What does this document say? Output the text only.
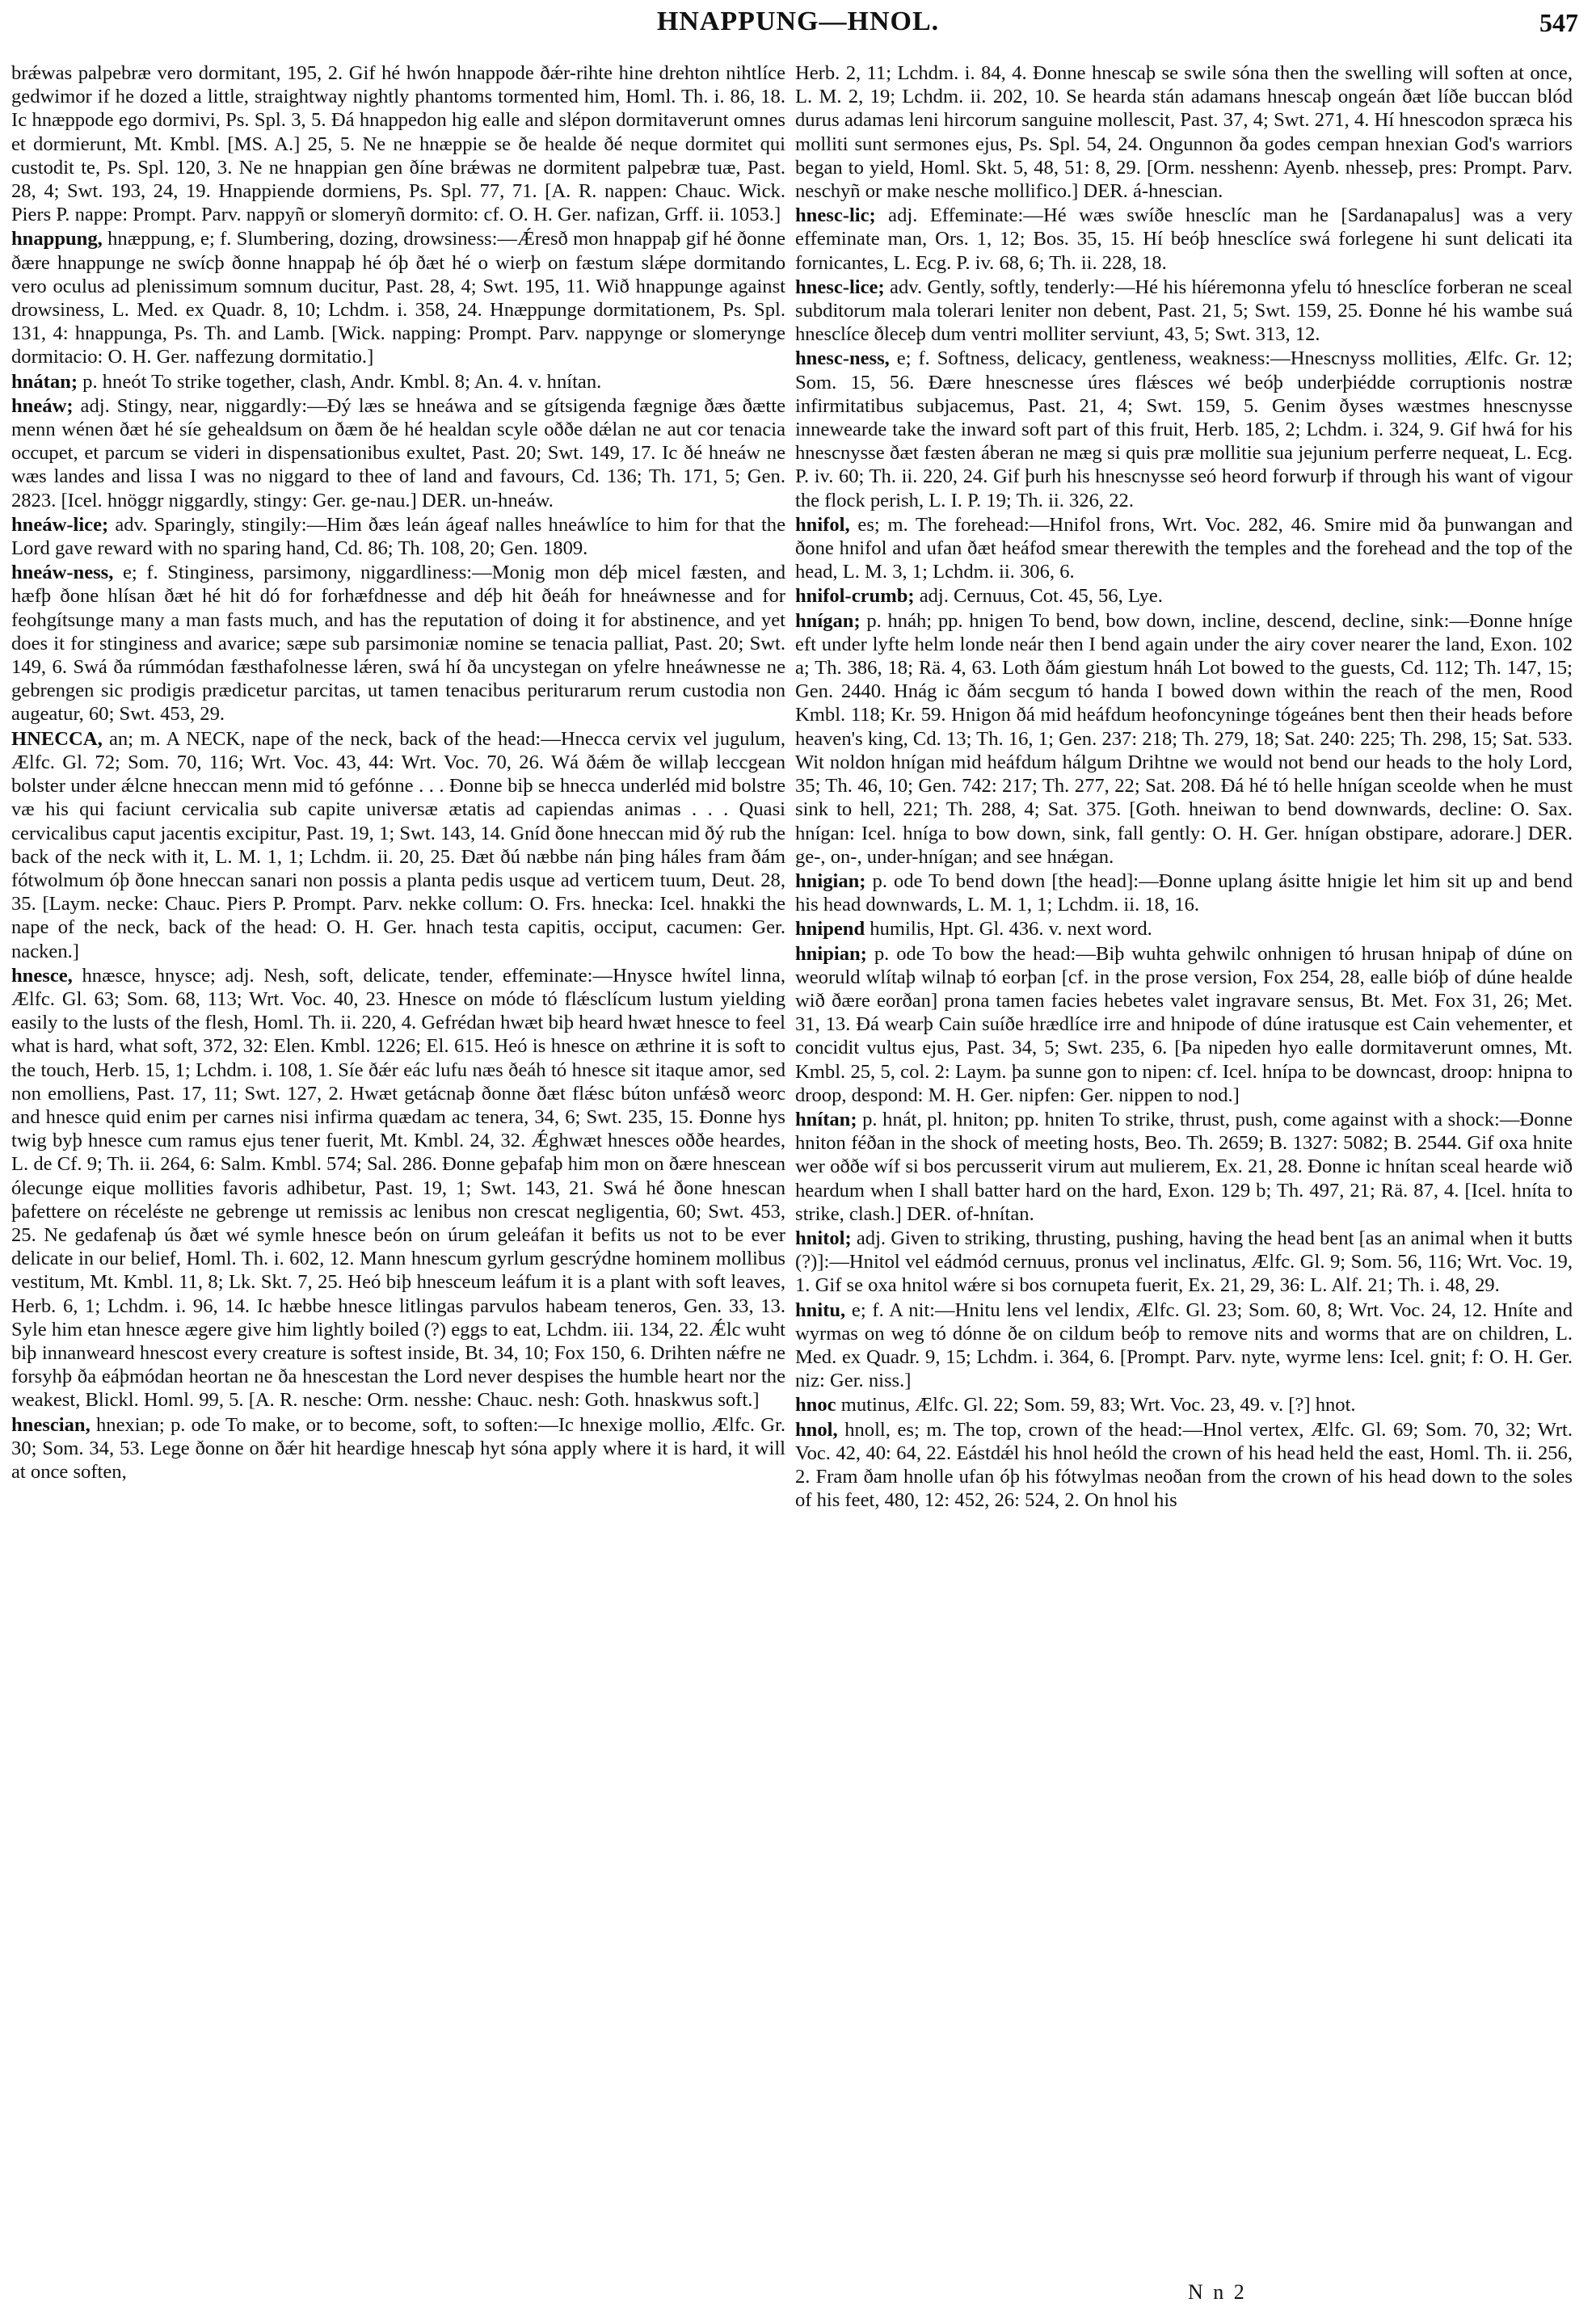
HNAPPUNG—HNOL.	547

brǽwas palpebræ vero dormitant, 195, 2. Gif hé hwón hnappode ðǽr-rihte hine drehton nihtlíce gedwimor if he dozed a little, straightway nightly phantoms tormented him, Homl. Th. i. 86, 18. Ic hnæppode ego dormivi, Ps. Spl. 3, 5. Ðá hnappedon hig ealle and slépon dormitaverunt omnes et dormierunt, Mt. Kmbl. [MS. A.] 25, 5. Ne ne hnæppie se ðe healde ðé neque dormitet qui custodit te, Ps. Spl. 120, 3. Ne ne hnappian gen ðíne brǽwas ne dormitent palpebræ tuæ, Past. 28, 4; Swt. 193, 24, 19. Hnappiende dormiens, Ps. Spl. 77, 71. [A. R. nappen: Chauc. Wick. Piers P. nappe: Prompt. Parv. nappyñ or slomeryñ dormito: cf. O. H. Ger. nafizan, Grff. ii. 1053.]

hnappung, hnæppung, e; f. Slumbering, dozing, drowsiness:—Ǽresð mon hnappaþ gif hé ðonne ðære hnappunge ne swícþ ðonne hnappaþ hé óþ ðæt hé o wierþ on fæstum slǽpe dormitando vero oculus ad plenissimum somnum ducitur, Past. 28, 4; Swt. 195, 11. Wið hnappunge against drowsiness, L. Med. ex Quadr. 8, 10; Lchdm. i. 358, 24. Hnæppunge dormitationem, Ps. Spl. 131, 4: hnappunga, Ps. Th. and Lamb. [Wick. napping: Prompt. Parv. nappynge or slomerynge dormitacio: O. H. Ger. naffezung dormitatio.]

hnátan; p. hneót To strike together, clash, Andr. Kmbl. 8; An. 4. v. hnítan.

hneáw; adj. Stingy, near, niggardly:—Ðý læs se hneáwa and se gítsigenda fægnige ðæs ðætte menn wénen ðæt hé síe gehealdsum on ðæm ðe hé healdan scyle oððe dǽlan ne aut cor tenacia occupet, et parcum se videri in dispensationibus exultet, Past. 20; Swt. 149, 17. Ic ðé hneáw ne wæs landes and lissa I was no niggard to thee of land and favours, Cd. 136; Th. 171, 5; Gen. 2823. [Icel. hnöggr niggardly, stingy: Ger. ge-nau.] DER. un-hneáw.

hneáw-lice; adv. Sparingly, stingily:—Him ðæs leán ágeaf nalles hneáwlíce to him for that the Lord gave reward with no sparing hand, Cd. 86; Th. 108, 20; Gen. 1809.

hneáw-ness, e; f. Stinginess, parsimony, niggardliness:—Monig mon déþ micel fæsten, and hæfþ ðone hlísan ðæt hé hit dó for forhæfdnesse and déþ hit ðeáh for hneáwnesse and for feohgítsunge many a man fasts much, and has the reputation of doing it for abstinence, and yet does it for stinginess and avarice; sæpe sub parsimoniæ nomine se tenacia palliat, Past. 20; Swt. 149, 6. Swá ða rúmmódan fæsthafolnesse lǽren, swá hí ða uncystegan on yfelre hneáwnesse ne gebrengen sic prodigis prædicetur parcitas, ut tamen tenacibus periturarum rerum custodia non augeatur, 60; Swt. 453, 29.

HNECCA, an; m. A NECK, nape of the neck, back of the head:—Hnecca cervix vel jugulum, Ælfc. Gl. 72; Som. 70, 116; Wrt. Voc. 43, 44: Wrt. Voc. 70, 26. Wá ðǽm ðe willaþ leccgean bolster under ǽlcne hneccan menn mid tó gefónne . . . Ðonne biþ se hnecca underléd mid bolstre væ his qui faciunt cervicalia sub capite universæ ætatis ad capiendas animas . . . Quasi cervicalibus caput jacentis excipitur, Past. 19, 1; Swt. 143, 14. Gníd ðone hneccan mid ðý rub the back of the neck with it, L. M. 1, 1; Lchdm. ii. 20, 25. Ðæt ðú næbbe nán þing háles fram ðám fótwolmum óþ ðone hneccan sanari non possis a planta pedis usque ad verticem tuum, Deut. 28, 35. [Laym. necke: Chauc. Piers P. Prompt. Parv. nekke collum: O. Frs. hnecka: Icel. hnakki the nape of the neck, back of the head: O. H. Ger. hnach testa capitis, occiput, cacumen: Ger. nacken.]

hnesce, hnæsce, hnysce; adj. Nesh, soft, delicate, tender, effeminate:—Hnysce hwítel linna, Ælfc. Gl. 63; Som. 68, 113; Wrt. Voc. 40, 23. Hnesce on móde tó flǽsclícum lustum yielding easily to the lusts of the flesh, Homl. Th. ii. 220, 4. Gefrédan hwæt biþ heard hwæt hnesce to feel what is hard, what soft, 372, 32: Elen. Kmbl. 1226; El. 615. Heó is hnesce on æthrine it is soft to the touch, Herb. 15, 1; Lchdm. i. 108, 1. Síe ðǽr eác lufu næs ðeáh tó hnesce sit itaque amor, sed non emolliens, Past. 17, 11; Swt. 127, 2. Hwæt getácnaþ ðonne ðæt flǽsc búton unfǽsð weorc and hnesce quid enim per carnes nisi infirma quædam ac tenera, 34, 6; Swt. 235, 15. Ðonne hys twig byþ hnesce cum ramus ejus tener fuerit, Mt. Kmbl. 24, 32. Ǽghwæt hnesces oððe heardes, L. de Cf. 9; Th. ii. 264, 6: Salm. Kmbl. 574; Sal. 286. Ðonne geþafaþ him mon on ðære hnescean ólecunge eique mollities favoris adhibetur, Past. 19, 1; Swt. 143, 21. Swá hé ðone hnescan þafettere on réceléste ne gebrenge ut remissis ac lenibus non crescat negligentia, 60; Swt. 453, 25. Ne gedafenaþ ús ðæt wé symle hnesce beón on úrum geleáfan it befits us not to be ever delicate in our belief, Homl. Th. i. 602, 12. Mann hnescum gyrlum gescrýdne hominem mollibus vestitum, Mt. Kmbl. 11, 8; Lk. Skt. 7, 25. Heó biþ hnesceum leáfum it is a plant with soft leaves, Herb. 6, 1; Lchdm. i. 96, 14. Ic hæbbe hnesce litlingas parvulos habeam teneros, Gen. 33, 13. Syle him etan hnesce ægere give him lightly boiled (?) eggs to eat, Lchdm. iii. 134, 22. Ǽlc wuht biþ innanweard hnescost every creature is softest inside, Bt. 34, 10; Fox 150, 6. Drihten nǽfre ne forsyhþ ða eáþmódan heortan ne ða hnescestan the Lord never despises the humble heart nor the weakest, Blickl. Homl. 99, 5. [A. R. nesche: Orm. nesshe: Chauc. nesh: Goth. hnaskwus soft.]

hnescian, hnexian; p. ode To make, or to become, soft, to soften:—Ic hnexige mollio, Ælfc. Gr. 30; Som. 34, 53. Lege ðonne on ðǽr hit heardige hnescaþ hyt sóna apply where it is hard, it will at once soften,

Herb. 2, 11; Lchdm. i. 84, 4. Ðonne hnescaþ se swile sóna then the swelling will soften at once, L. M. 2, 19; Lchdm. ii. 202, 10. Se hearda stán adamans hnescaþ ongeán ðæt líðe buccan blód durus adamas leni hircorum sanguine mollescit, Past. 37, 4; Swt. 271, 4. Hí hnescodon spræca his molliti sunt sermones ejus, Ps. Spl. 54, 24. Ongunnon ða godes cempan hnexian God's warriors began to yield, Homl. Skt. 5, 48, 51: 8, 29. [Orm. nesshenn: Ayenb. nhesseþ, pres: Prompt. Parv. neschyñ or make nesche mollifico.] DER. á-hnescian.

hnesc-lic; adj. Effeminate:—Hé wæs swíðe hnesclíc man he [Sardanapalus] was a very effeminate man, Ors. 1, 12; Bos. 35, 15. Hí beóþ hnesclíce swá forlegene hi sunt delicati ita fornicantes, L. Ecg. P. iv. 68, 6; Th. ii. 228, 18.

hnesc-lice; adv. Gently, softly, tenderly:—Hé his híéremonna yfelu tó hnesclíce forberan ne sceal subditorum mala tolerari leniter non debent, Past. 21, 5; Swt. 159, 25. Ðonne hé his wambe suá hnesclíce ðleceþ dum ventri molliter serviunt, 43, 5; Swt. 313, 12.

hnesc-ness, e; f. Softness, delicacy, gentleness, weakness:—Hnescnyss mollities, Ælfc. Gr. 12; Som. 15, 56. Ðære hnescnesse úres flǽsces wé beóþ underþiédde corruptionis nostræ infirmitatibus subjacemus, Past. 21, 4; Swt. 159, 5. Genim ðyses wæstmes hnescnysse inneweardе take the inward soft part of this fruit, Herb. 185, 2; Lchdm. i. 324, 9. Gif hwá for his hnescnysse ðæt fæsten áberan ne mæg si quis præ mollitie sua jejunium perferre nequeat, L. Ecg. P. iv. 60; Th. ii. 220, 24. Gif þurh his hnescnysse seó heord forwurþ if through his want of vigour the flock perish, L. I. P. 19; Th. ii. 326, 22.

hnifol, es; m. The forehead:—Hnifol frons, Wrt. Voc. 282, 46. Smire mid ða þunwangan and ðone hnifol and ufan ðæt heáfod smear therewith the temples and the forehead and the top of the head, L. M. 3, 1; Lchdm. ii. 306, 6.

hnifol-crumb; adj. Cernuus, Cot. 45, 56, Lye.

hnígan; p. hnáh; pp. hnigen To bend, bow down, incline, descend, decline, sink:—Ðonne hníge eft under lyfte helm londe neár then I bend again under the airy cover nearer the land, Exon. 102 a; Th. 386, 18; Rä. 4, 63. Loth ðám giestum hnáh Lot bowed to the guests, Cd. 112; Th. 147, 15; Gen. 2440. Hnág ic ðám secgum tó handa I bowed down within the reach of the men, Rood Kmbl. 118; Kr. 59. Hnigon ðá mid heáfdum heofoncyninge tógeánes bent then their heads before heaven's king, Cd. 13; Th. 16, 1; Gen. 237: 218; Th. 279, 18; Sat. 240: 225; Th. 298, 15; Sat. 533. Wit noldon hnígan mid heáfdum hálgum Drihtne we would not bend our heads to the holy Lord, 35; Th. 46, 10; Gen. 742: 217; Th. 277, 22; Sat. 208. Ðá hé tó helle hnígan sceolde when he must sink to hell, 221; Th. 288, 4; Sat. 375. [Goth. hneiwan to bend downwards, decline: O. Sax. hnígan: Icel. hníga to bow down, sink, fall gently: O. H. Ger. hnígan obstipare, adorare.] DER. ge-, on-, under-hnígan; and see hnǽgan.

hnigian; p. ode To bend down [the head]:—Ðonne uplang ásitte hnigie let him sit up and bend his head downwards, L. M. 1, 1; Lchdm. ii. 18, 16.

hnipend humilis, Hpt. Gl. 436. v. next word.

hnipian; p. ode To bow the head:—Biþ wuhta gehwilc onhnigen tó hrusan hnipaþ of dúne on weoruld wlítaþ wilnaþ tó eorþan [cf. in the prose version, Fox 254, 28, ealle bióþ of dúne healde wið ðære eorðan] prona tamen facies hebetes valet ingravare sensus, Bt. Met. Fox 31, 26; Met. 31, 13. Ðá wearþ Cain suíðe hrædlíce irre and hnipode of dúne iratusque est Cain vehementer, et concidit vultus ejus, Past. 34, 5; Swt. 235, 6. [Þa nipeden hyo ealle dormitaverunt omnes, Mt. Kmbl. 25, 5, col. 2: Laym. þa sunne gon to nipen: cf. Icel. hnípa to be downcast, droop: hnipna to droop, despond: M. H. Ger. nipfen: Ger. nippen to nod.]

hnítan; p. hnát, pl. hniton; pp. hniten To strike, thrust, push, come against with a shock:—Ðonne hniton féðan in the shock of meeting hosts, Beo. Th. 2659; B. 1327: 5082; B. 2544. Gif oxa hnite wer oððe wíf si bos percusserit virum aut mulierem, Ex. 21, 28. Ðonne ic hnítan sceal hearde wið heardum when I shall batter hard on the hard, Exon. 129 b; Th. 497, 21; Rä. 87, 4. [Icel. hníta to strike, clash.] DER. of-hnítan.

hnitol; adj. Given to striking, thrusting, pushing, having the head bent [as an animal when it butts (?)]:—Hnitol vel eádmód cernuus, pronus vel inclinatus, Ælfc. Gl. 9; Som. 56, 116; Wrt. Voc. 19, 1. Gif se oxa hnitol wǽre si bos cornupeta fuerit, Ex. 21, 29, 36: L. Alf. 21; Th. i. 48, 29.

hnitu, e; f. A nit:—Hnitu lens vel lendix, Ælfc. Gl. 23; Som. 60, 8; Wrt. Voc. 24, 12. Hníte and wyrmas on weg tó dónne ðe on cildum beóþ to remove nits and worms that are on children, L. Med. ex Quadr. 9, 15; Lchdm. i. 364, 6. [Prompt. Parv. nyte, wyrme lens: Icel. gnit; f: O. H. Ger. niz: Ger. niss.]

hnoc mutinus, Ælfc. Gl. 22; Som. 59, 83; Wrt. Voc. 23, 49. v. [?] hnot.

hnol, hnoll, es; m. The top, crown of the head:—Hnol vertex, Ælfc. Gl. 69; Som. 70, 32; Wrt. Voc. 42, 40: 64, 22. Eástdǽl his hnol heóld the crown of his head held the east, Homl. Th. ii. 256, 2. Fram ðam hnolle ufan óþ his fótwylmas neoðan from the crown of his head down to the soles of his feet, 480, 12: 452, 26: 524, 2. On hnol his

N n 2
